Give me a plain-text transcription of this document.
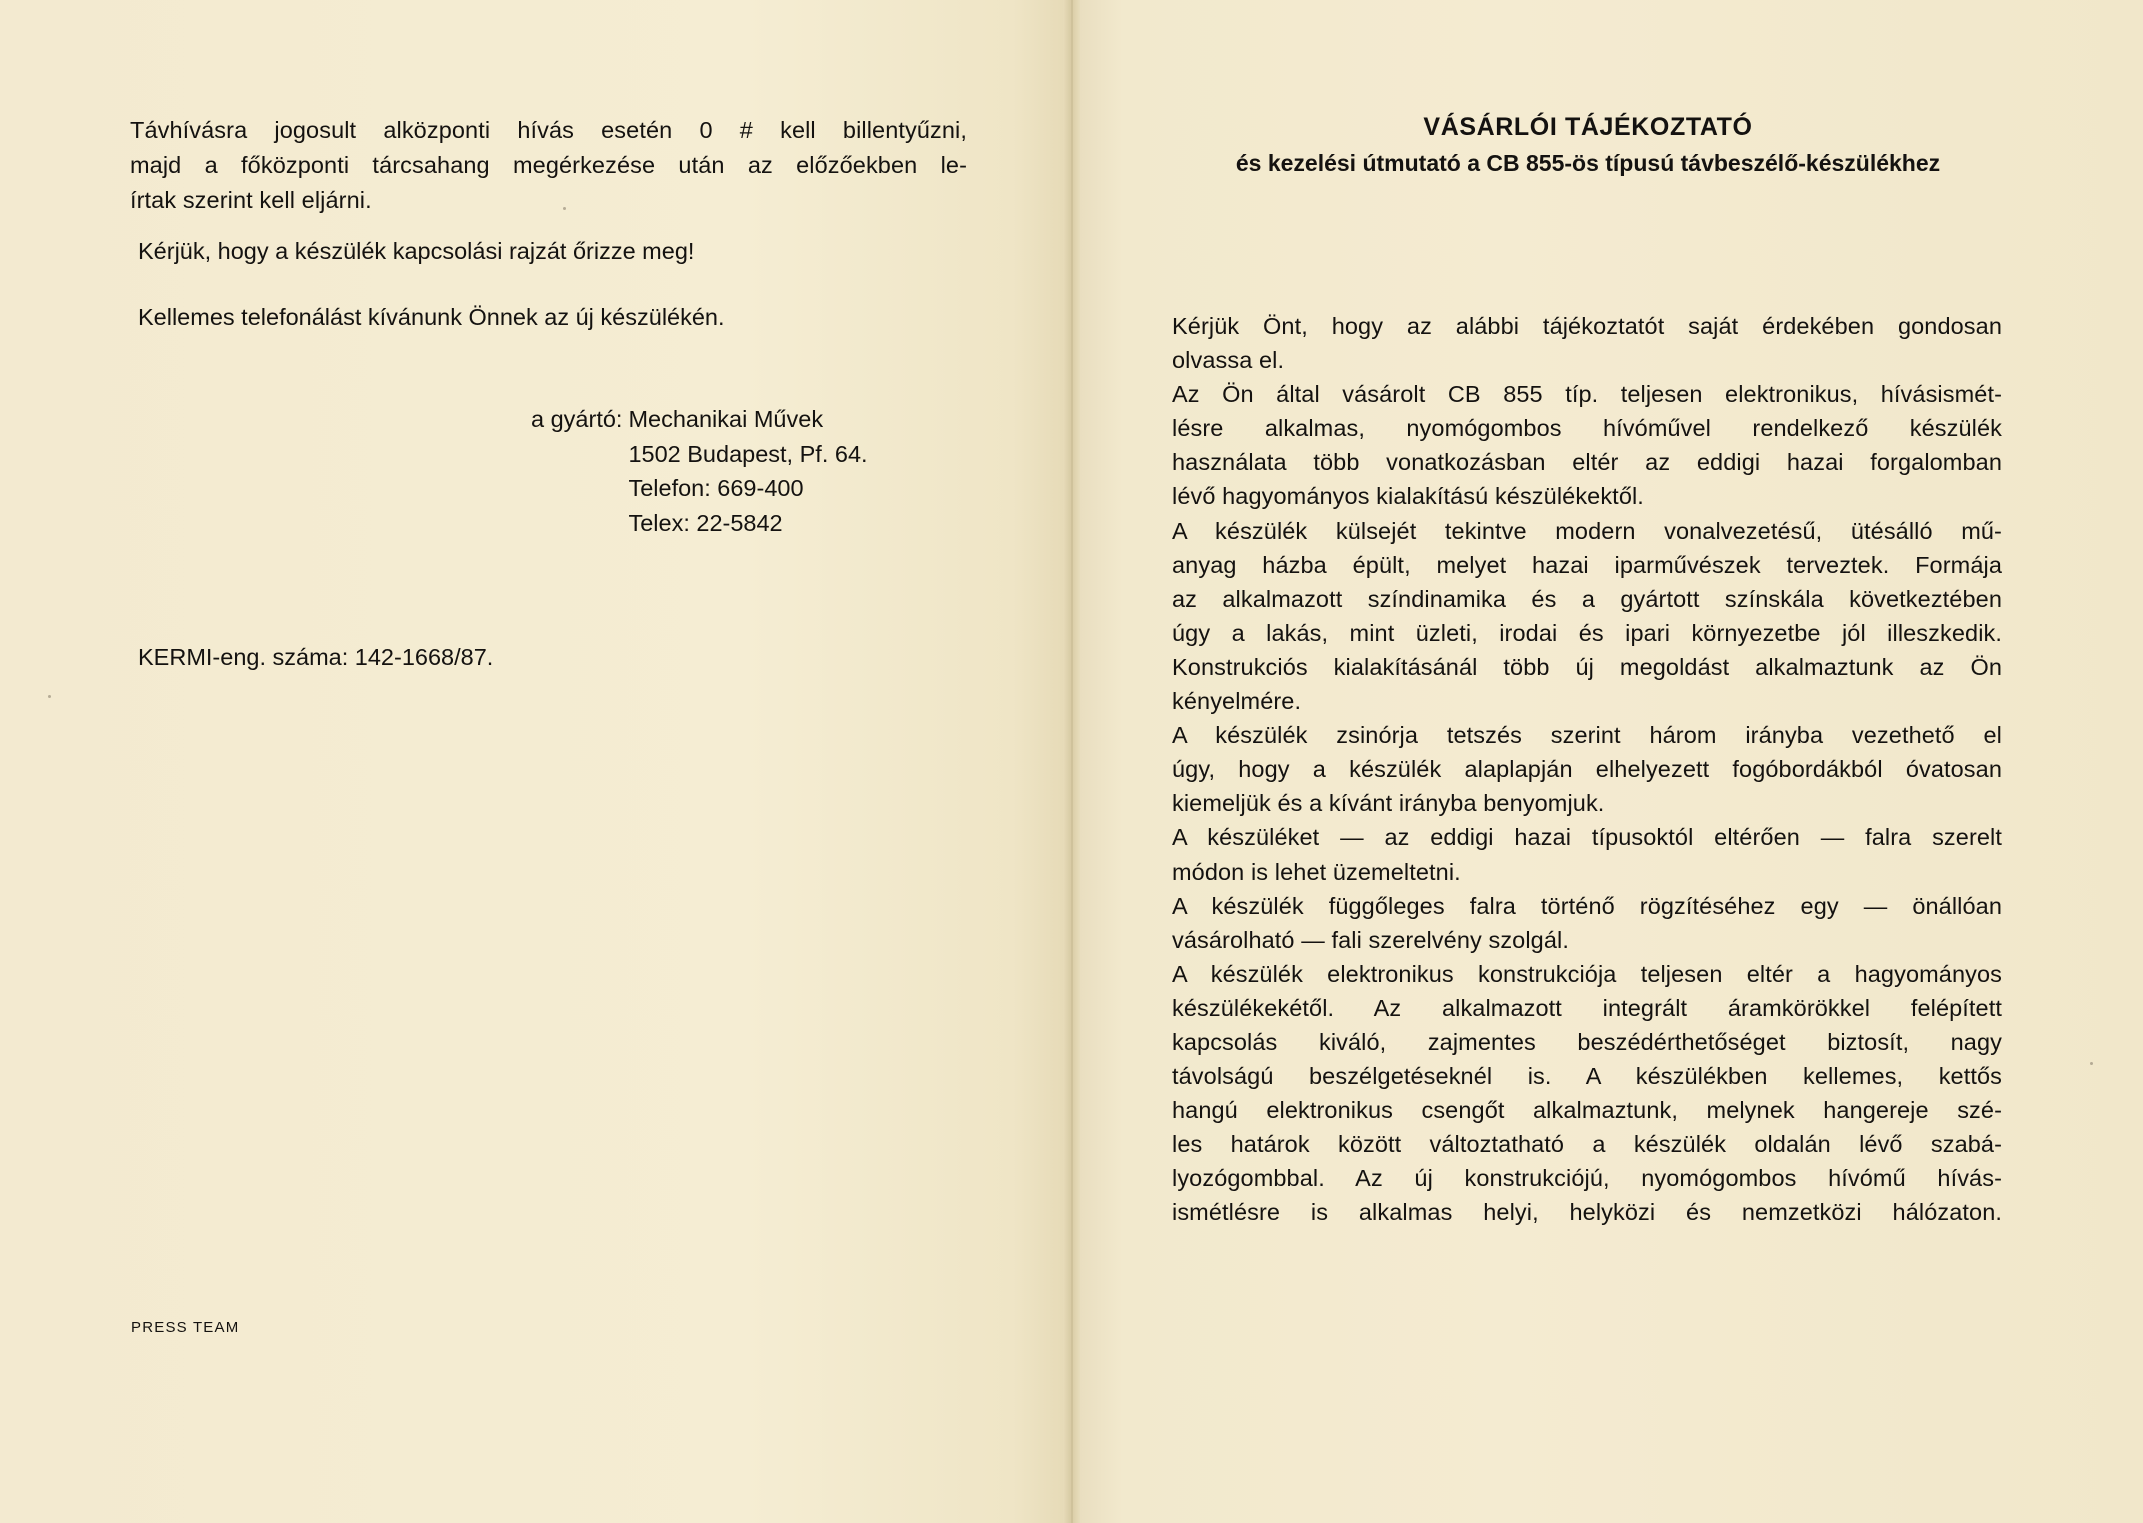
Távhívásra jogosult alközponti hívás esetén 0 # kell billentyűzni,
majd a főközponti tárcsahang megérkezése után az előzőekben le-
írtak szerint kell eljárni.
Kérjük, hogy a készülék kapcsolási rajzát őrizze meg!
Kellemes telefonálást kívánunk Önnek az új készülékén.
a gyártó: Mechanikai Művek
1502 Budapest, Pf. 64.
Telefon: 669-400
Telex: 22-5842
KERMI-eng. száma: 142-1668/87.
PRESS TEAM
VÁSÁRLÓI TÁJÉKOZTATÓ
és kezelési útmutató a CB 855-ös típusú távbeszélő-készülékhez
Kérjük Önt, hogy az alábbi tájékoztatót saját érdekében gondosan
olvassa el.
Az Ön által vásárolt CB 855 típ. teljesen elektronikus, hívásismét-
lésre alkalmas, nyomógombos hívóművel rendelkező készülék
használata több vonatkozásban eltér az eddigi hazai forgalomban
lévő hagyományos kialakítású készülékektől.
A készülék külsejét tekintve modern vonalvezetésű, ütésálló mű-
anyag házba épült, melyet hazai iparművészek terveztek. Formája
az alkalmazott színdinamika és a gyártott színskála következtében
úgy a lakás, mint üzleti, irodai és ipari környezetbe jól illeszkedik.
Konstrukciós kialakításánál több új megoldást alkalmaztunk az Ön
kényelmére.
A készülék zsinórja tetszés szerint három irányba vezethető el
úgy, hogy a készülék alaplapján elhelyezett fogóbordákból óvatosan
kiemeljük és a kívánt irányba benyomjuk.
A készüléket — az eddigi hazai típusoktól eltérően — falra szerelt
módon is lehet üzemeltetni.
A készülék függőleges falra történő rögzítéséhez egy — önállóan
vásárolható — fali szerelvény szolgál.
A készülék elektronikus konstrukciója teljesen eltér a hagyományos
készülékekétől. Az alkalmazott integrált áramkörökkel felépített
kapcsolás kiváló, zajmentes beszédérthetőséget biztosít, nagy
távolságú beszélgetéseknél is. A készülékben kellemes, kettős
hangú elektronikus csengőt alkalmaztunk, melynek hangereje szé-
les határok között változtatható a készülék oldalán lévő szabá-
lyozógombbal. Az új konstrukciójú, nyomógombos hívómű hívás-
ismétlésre is alkalmas helyi, helyközi és nemzetközi hálózaton.
